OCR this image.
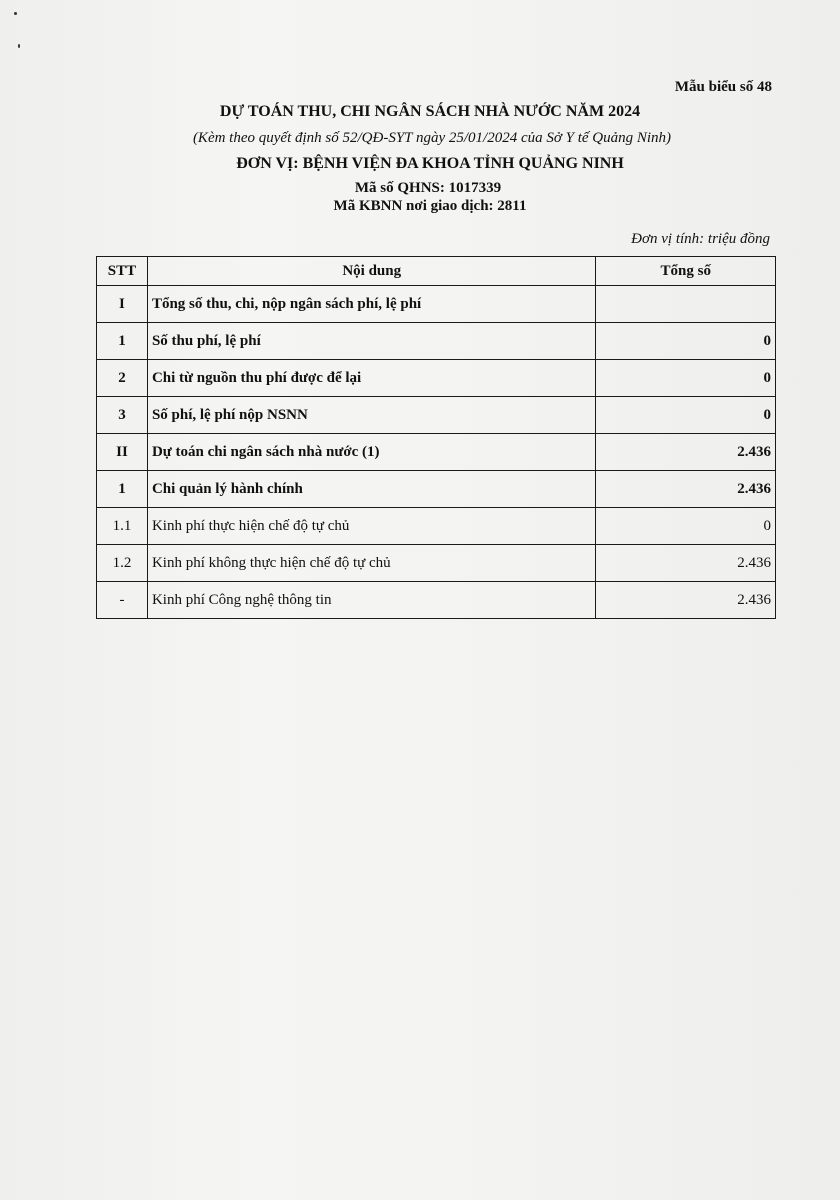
Mẫu biểu số 48
DỰ TOÁN THU, CHI NGÂN SÁCH NHÀ NƯỚC NĂM 2024
(Kèm theo quyết định số 52/QĐ-SYT ngày 25/01/2024 của Sở Y tế Quảng Ninh)
ĐƠN VỊ: BỆNH VIỆN ĐA KHOA TỈNH QUẢNG NINH
Mã số QHNS: 1017339
Mã KBNN nơi giao dịch: 2811
Đơn vị tính: triệu đồng
STT	Nội dung	Tổng số
I	Tổng số thu, chi, nộp ngân sách phí, lệ phí	
1	Số thu phí, lệ phí	0
2	Chi từ nguồn thu phí được để lại	0
3	Số phí, lệ phí nộp NSNN	0
II	Dự toán chi ngân sách nhà nước (1)	2.436
1	Chi quản lý hành chính	2.436
1.1	Kinh phí thực hiện chế độ tự chủ	0
1.2	Kinh phí không thực hiện chế độ tự chủ	2.436
-	Kinh phí Công nghệ thông tin	2.436
